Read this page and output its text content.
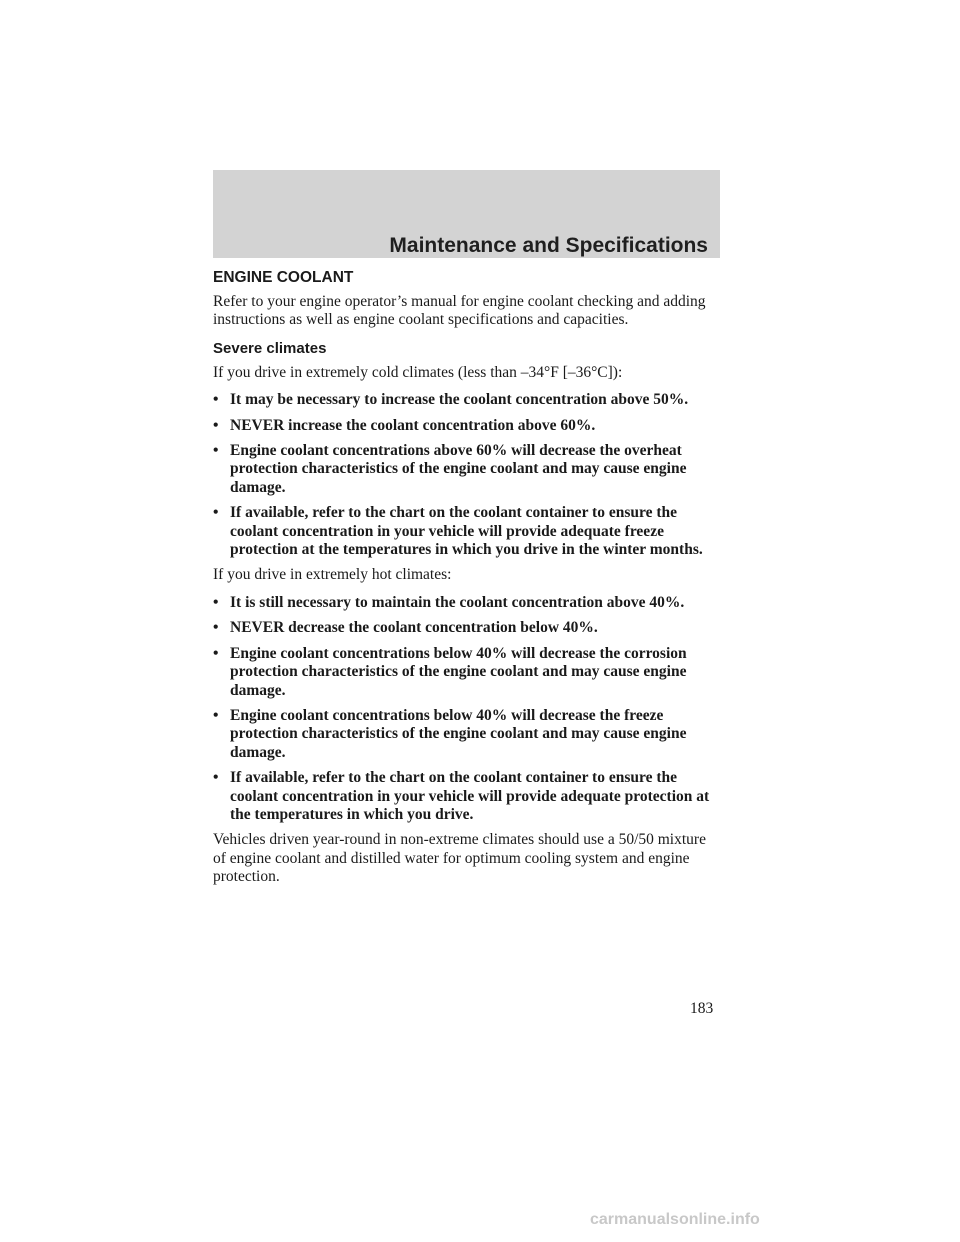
Maintenance and Specifications
ENGINE COOLANT

Refer to your engine operator’s manual for engine coolant checking and adding instructions as well as engine coolant specifications and capacities.

Severe climates

If you drive in extremely cold climates (less than –34°F [–36°C]):

• It may be necessary to increase the coolant concentration above 50%.
• NEVER increase the coolant concentration above 60%.
• Engine coolant concentrations above 60% will decrease the overheat protection characteristics of the engine coolant and may cause engine damage.
• If available, refer to the chart on the coolant container to ensure the coolant concentration in your vehicle will provide adequate freeze protection at the temperatures in which you drive in the winter months.

If you drive in extremely hot climates:

• It is still necessary to maintain the coolant concentration above 40%.
• NEVER decrease the coolant concentration below 40%.
• Engine coolant concentrations below 40% will decrease the corrosion protection characteristics of the engine coolant and may cause engine damage.
• Engine coolant concentrations below 40% will decrease the freeze protection characteristics of the engine coolant and may cause engine damage.
• If available, refer to the chart on the coolant container to ensure the coolant concentration in your vehicle will provide adequate protection at the temperatures in which you drive.

Vehicles driven year-round in non-extreme climates should use a 50/50 mixture of engine coolant and distilled water for optimum cooling system and engine protection.

183
carmanualsonline.info
